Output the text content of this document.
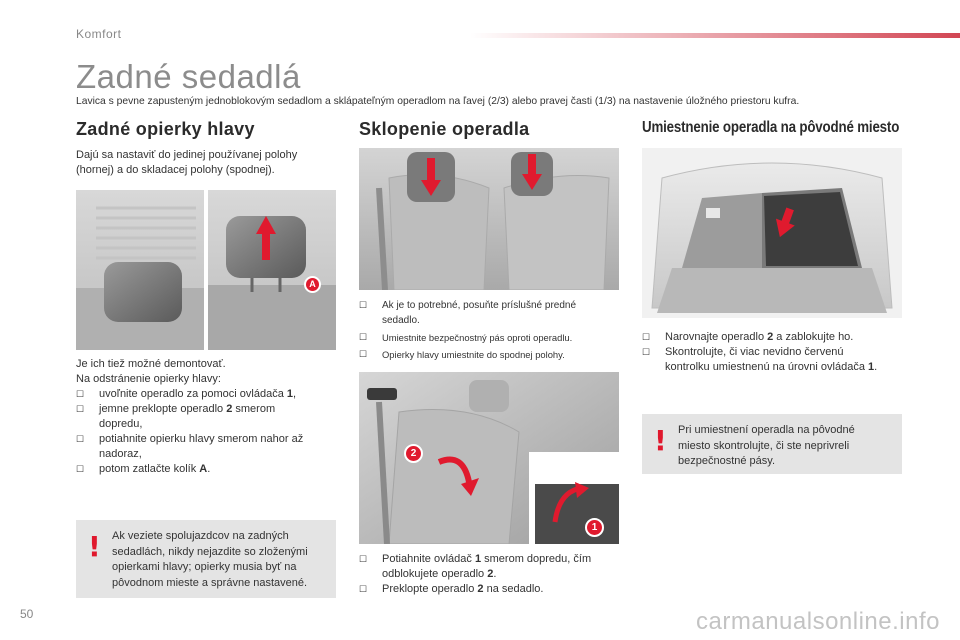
Komfort
Zadné sedadlá
Lavica s pevne zapusteným jednoblokovým sedadlom a sklápateľným operadlom na ľavej (2/3) alebo pravej časti (1/3) na nastavenie úložného priestoru kufra.
Zadné opierky hlavy

Dajú sa nastaviť do jedinej používanej polohy

(hornej) a do skladacej polohy (spodnej).

A

Je ich tiež možné demontovať.

Na odstránenie opierky hlavy:

☐ uvoľnite operadlo za pomoci ovládača 1,
☐ jemne preklopte operadlo 2 smerom
dopredu,
☐ potiahnite opierku hlavy smerom nahor až
nadoraz,
☐ potom zatlačte kolík A.
! Ak veziete spolujazdcov na zadných

sedadlách, nikdy nejazdite so zloženými

opierkami hlavy; opierky musia byť na

pôvodnom mieste a správne nastavené.

Sklopenie operadla
☐ Ak je to potrebné, posuňte príslušné predné
sedadlo.
☐ Umiestnite bezpečnostný pás oproti operadlu.
☐ Opierky hlavy umiestnite do spodnej polohy.
2
1
☐ Potiahnite ovládač 1 smerom dopredu, čím
odblokujete operadlo 2.
☐ Preklopte operadlo 2 na sedadlo.
Umiestnenie operadla na pôvodné miesto
☐ Narovnajte operadlo 2 a zablokujte ho.
☐ Skontrolujte, či viac nevidno červenú
kontrolku umiestnenú na úrovni ovládača 1.
! Pri umiestnení operadla na pôvodné

miesto skontrolujte, či ste neprivreli

bezpečnostné pásy.

50	carmanualsonline.info
